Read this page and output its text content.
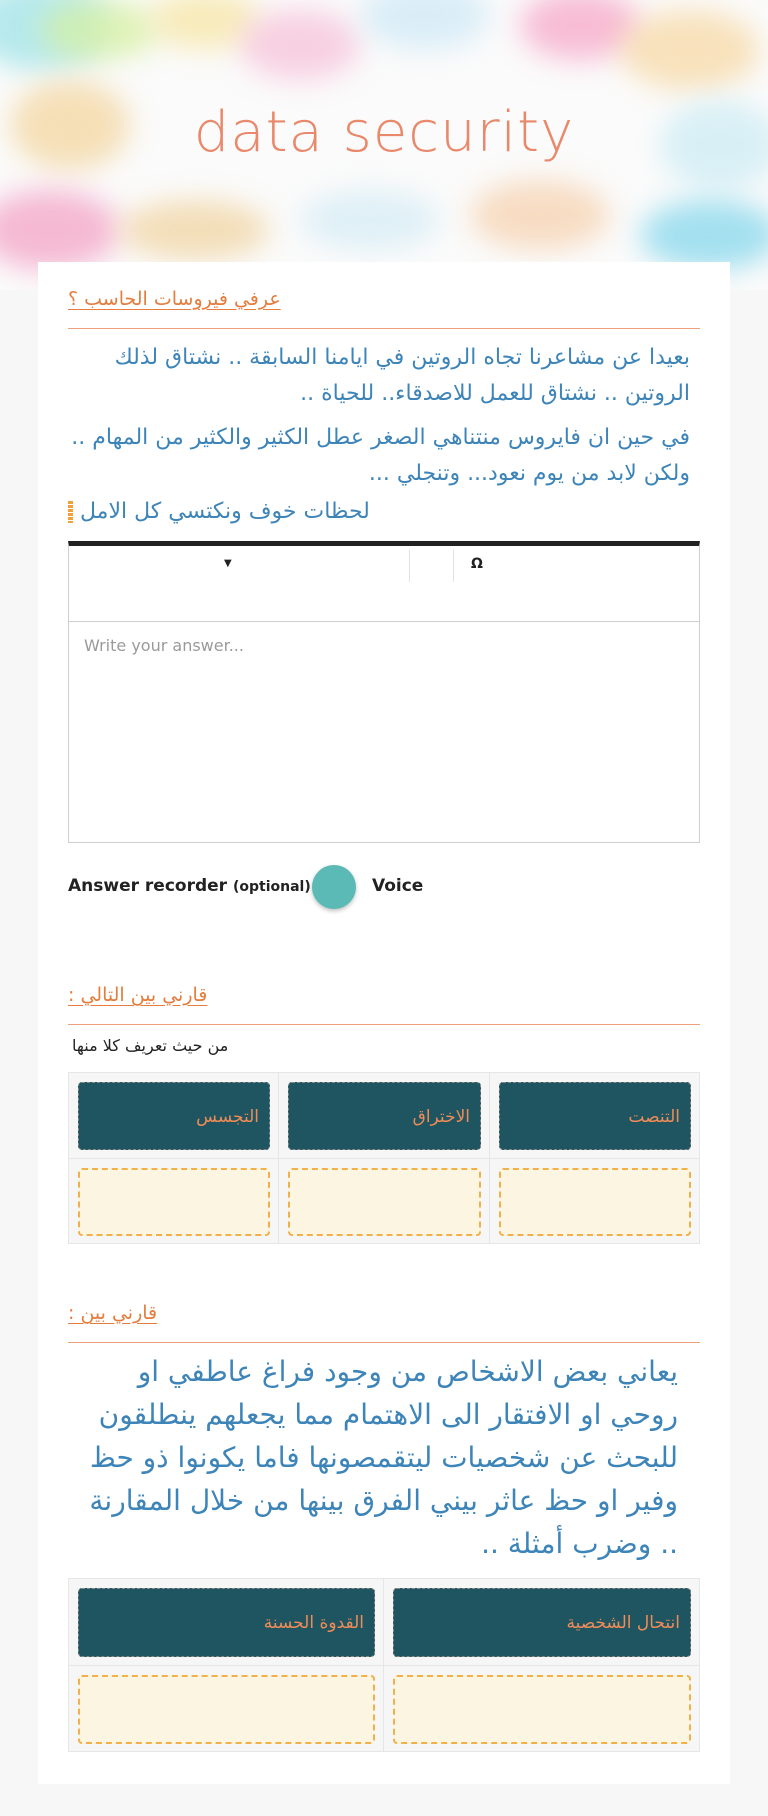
data security
عرفي فيروسات الحاسب ؟
بعيدا عن مشاعرنا تجاه الروتين في ايامنا السابقة .. نشتاق لذلك الروتين .. نشتاق للعمل للاصدقاء.. للحياة ..
في حين ان فايروس منتناهي الصغر عطل الكثير والكثير من المهام .. ولكن لابد من يوم نعود... وتنجلي ...
لحظات خوف ونكتسي كل الامل
▼	Ω
Write your answer...
Answer recorder (optional)	Voice
قارني بين التالي :
من حيث تعريف كلا منها
التنصت
الاختراق
التجسس
قارني بين :
يعاني بعض الاشخاص من وجود فراغ عاطفي او روحي او الافتقار الى الاهتمام مما يجعلهم ينطلقون للبحث عن شخصيات ليتقمصونها فاما يكونوا ذو حظ وفير او حظ عاثر بيني الفرق بينها من خلال المقارنة .. وضرب أمثلة ..
انتحال الشخصية
القدوة الحسنة
